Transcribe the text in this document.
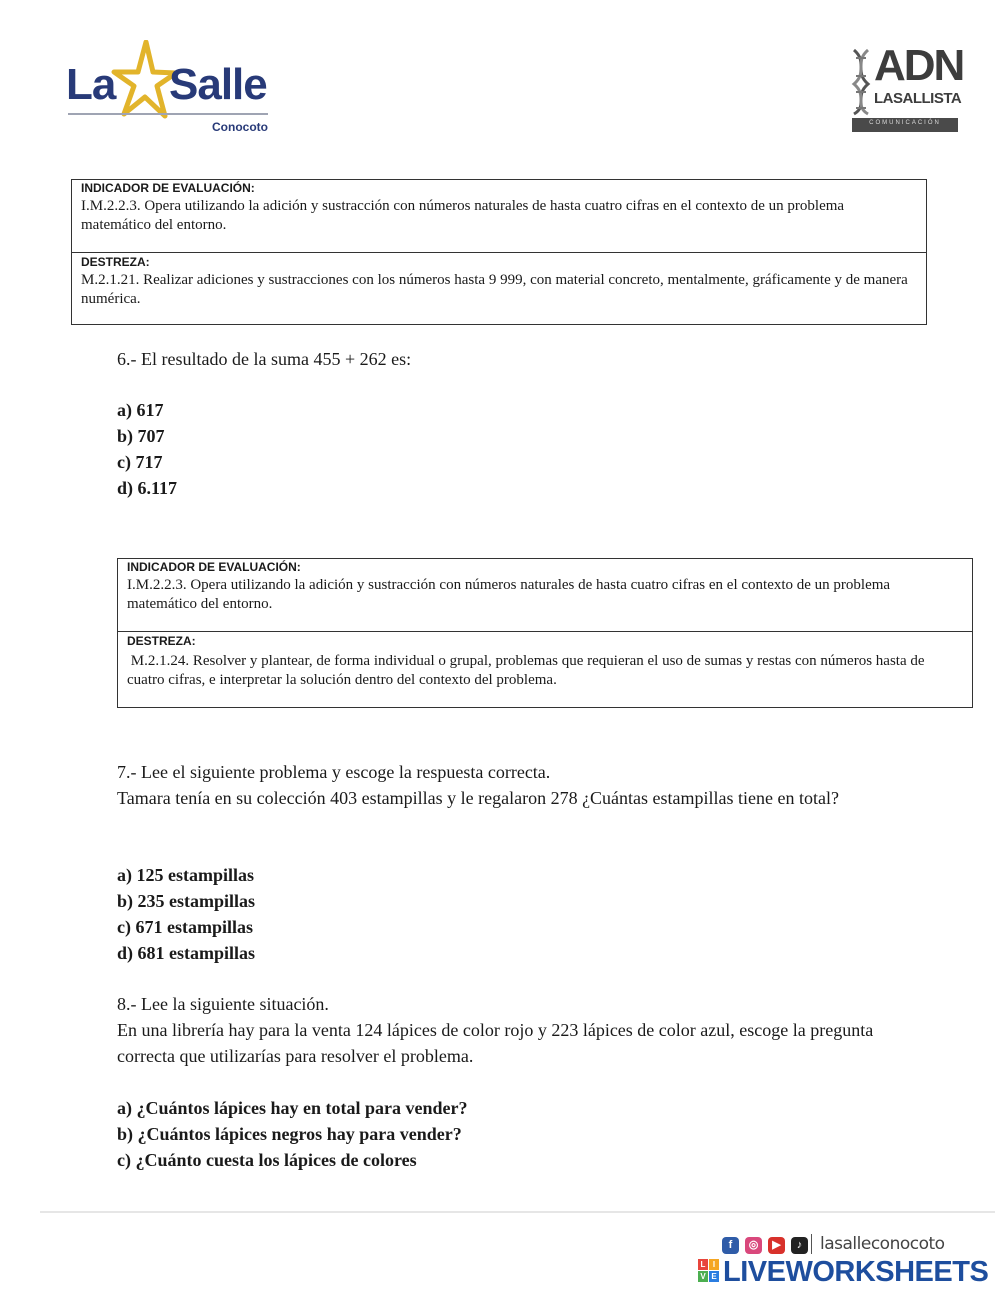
La Salle
Conocoto
ADN
LASALLISTA
COMUNICACIÓN
INDICADOR DE EVALUACIÓN:
I.M.2.2.3. Opera utilizando la adición y sustracción con números naturales de hasta cuatro cifras en el contexto de un problema matemático del entorno.
DESTREZA:
M.2.1.21. Realizar adiciones y sustracciones con los números hasta 9 999, con material concreto, mentalmente, gráficamente y de manera numérica.
6.- El resultado de la suma 455 + 262 es:
a) 617
b) 707
c) 717
d) 6.117
INDICADOR DE EVALUACIÓN:
I.M.2.2.3. Opera utilizando la adición y sustracción con números naturales de hasta cuatro cifras en el contexto de un problema matemático del entorno.
DESTREZA:
M.2.1.24. Resolver y plantear, de forma individual o grupal, problemas que requieran el uso de sumas y restas con números hasta de cuatro cifras, e interpretar la solución dentro del contexto del problema.
7.- Lee el siguiente problema y escoge la respuesta correcta.
Tamara tenía en su colección 403 estampillas y le regalaron 278 ¿Cuántas estampillas tiene en total?
a) 125 estampillas
b) 235 estampillas
c) 671 estampillas
d) 681 estampillas
8.- Lee la siguiente situación.
En una librería hay para la venta 124 lápices de color rojo y 223 lápices de color azul, escoge la pregunta correcta que utilizarías para resolver el problema.
a) ¿Cuántos lápices hay en total para vender?
b) ¿Cuántos lápices negros hay para vender?
c) ¿Cuánto cuesta los lápices de colores
f ◎ ▶ ♪	lasalleconocoto
L I
V E LIVEWORKSHEETS
